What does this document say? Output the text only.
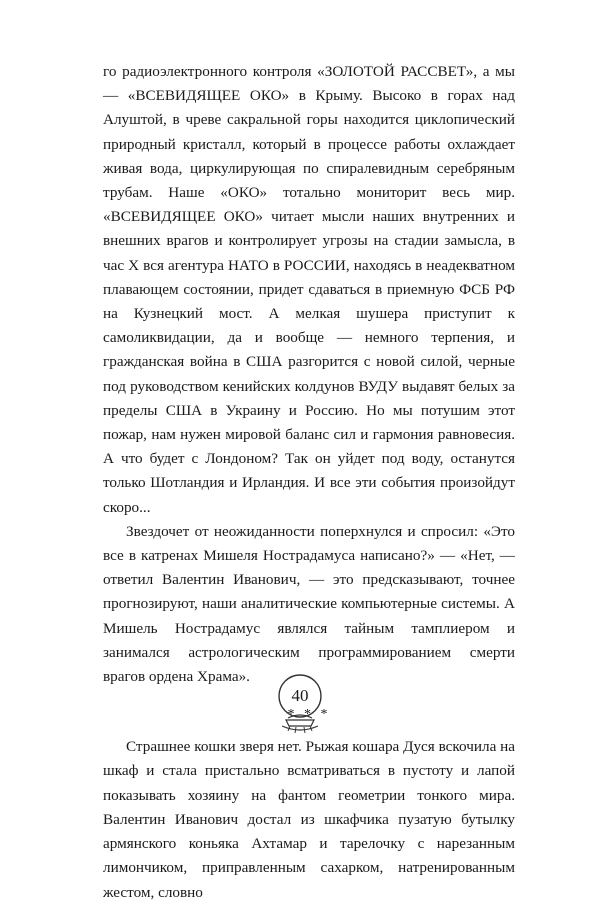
го радиоэлектронного контроля «ЗОЛОТОЙ РАССВЕТ», а мы — «ВСЕВИДЯЩЕЕ ОКО» в Крыму. Высоко в горах над Алуштой, в чреве сакральной горы находится циклопический природный кристалл, который в процессе работы охлаждает живая вода, циркулирующая по спиралевидным серебряным трубам. Наше «ОКО» тотально мониторит весь мир. «ВСЕВИДЯЩЕЕ ОКО» читает мысли наших внутренних и внешних врагов и контролирует угрозы на стадии замысла, в час X вся агентура НАТО в РОССИИ, находясь в неадекватном плавающем состоянии, придет сдаваться в приемную ФСБ РФ на Кузнецкий мост. А мелкая шушера приступит к самоликвидации, да и вообще — немного терпения, и гражданская война в США разгорится с новой силой, черные под руководством кенийских колдунов ВУДУ выдавят белых за пределы США в Украину и Россию. Но мы потушим этот пожар, нам нужен мировой баланс сил и гармония равновесия. А что будет с Лондоном? Так он уйдет под воду, останутся только Шотландия и Ирландия. И все эти события произойдут скоро...

Звездочет от неожиданности поперхнулся и спросил: «Это все в катренах Мишеля Нострадамуса написано?» — «Нет, — ответил Валентин Иванович, — это предсказывают, точнее прогнозируют, наши аналитические компьютерные системы. А Мишель Нострадамус являлся тайным тамплиером и занимался астрологическим программированием смерти врагов ордена Храма».

* * *

Страшнее кошки зверя нет. Рыжая кошара Дуся вскочила на шкаф и стала пристально всматриваться в пустоту и лапой показывать хозяину на фантом геометрии тонкого мира. Валентин Иванович достал из шкафчика пузатую бутылку армянского коньяка Ахтамар и тарелочку с нарезанным лимончиком, приправленным сахарком, натренированным жестом, словно

40
